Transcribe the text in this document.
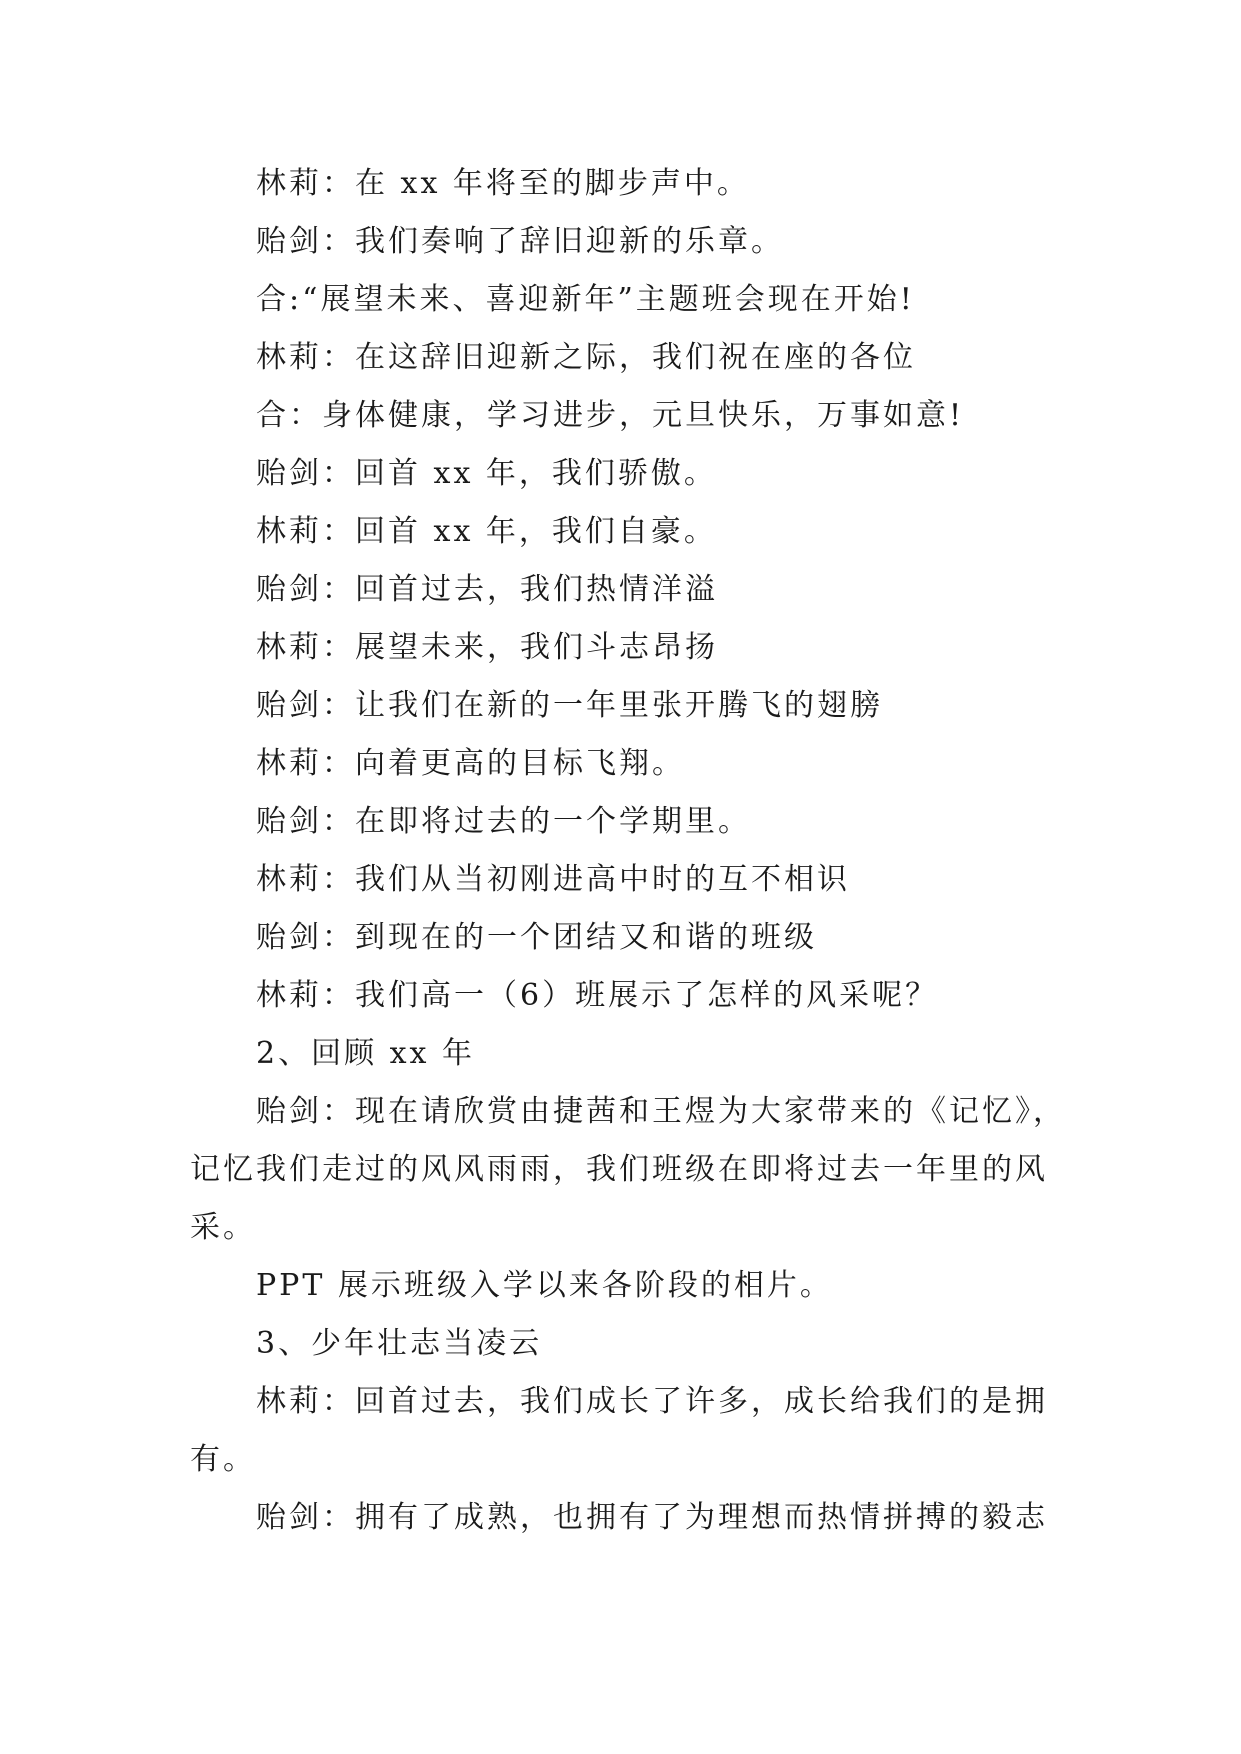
林莉：在 xx 年将至的脚步声中。

贻剑：我们奏响了辞旧迎新的乐章。

合:“展望未来、喜迎新年”主题班会现在开始!

林莉：在这辞旧迎新之际，我们祝在座的各位

合：身体健康，学习进步，元旦快乐，万事如意!

贻剑：回首 xx 年，我们骄傲。

林莉：回首 xx 年，我们自豪。

贻剑：回首过去，我们热情洋溢

林莉：展望未来，我们斗志昂扬

贻剑：让我们在新的一年里张开腾飞的翅膀

林莉：向着更高的目标飞翔。

贻剑：在即将过去的一个学期里。

林莉：我们从当初刚进高中时的互不相识

贻剑：到现在的一个团结又和谐的班级

林莉：我们高一（6）班展示了怎样的风采呢？

2、回顾 xx 年

贻剑：现在请欣赏由捷茜和王煜为大家带来的《记忆》，记忆我们走过的风风雨雨，我们班级在即将过去一年里的风采。

PPT 展示班级入学以来各阶段的相片。

3、少年壮志当凌云

林莉：回首过去，我们成长了许多，成长给我们的是拥有。

贻剑：拥有了成熟，也拥有了为理想而热情拼搏的毅志
